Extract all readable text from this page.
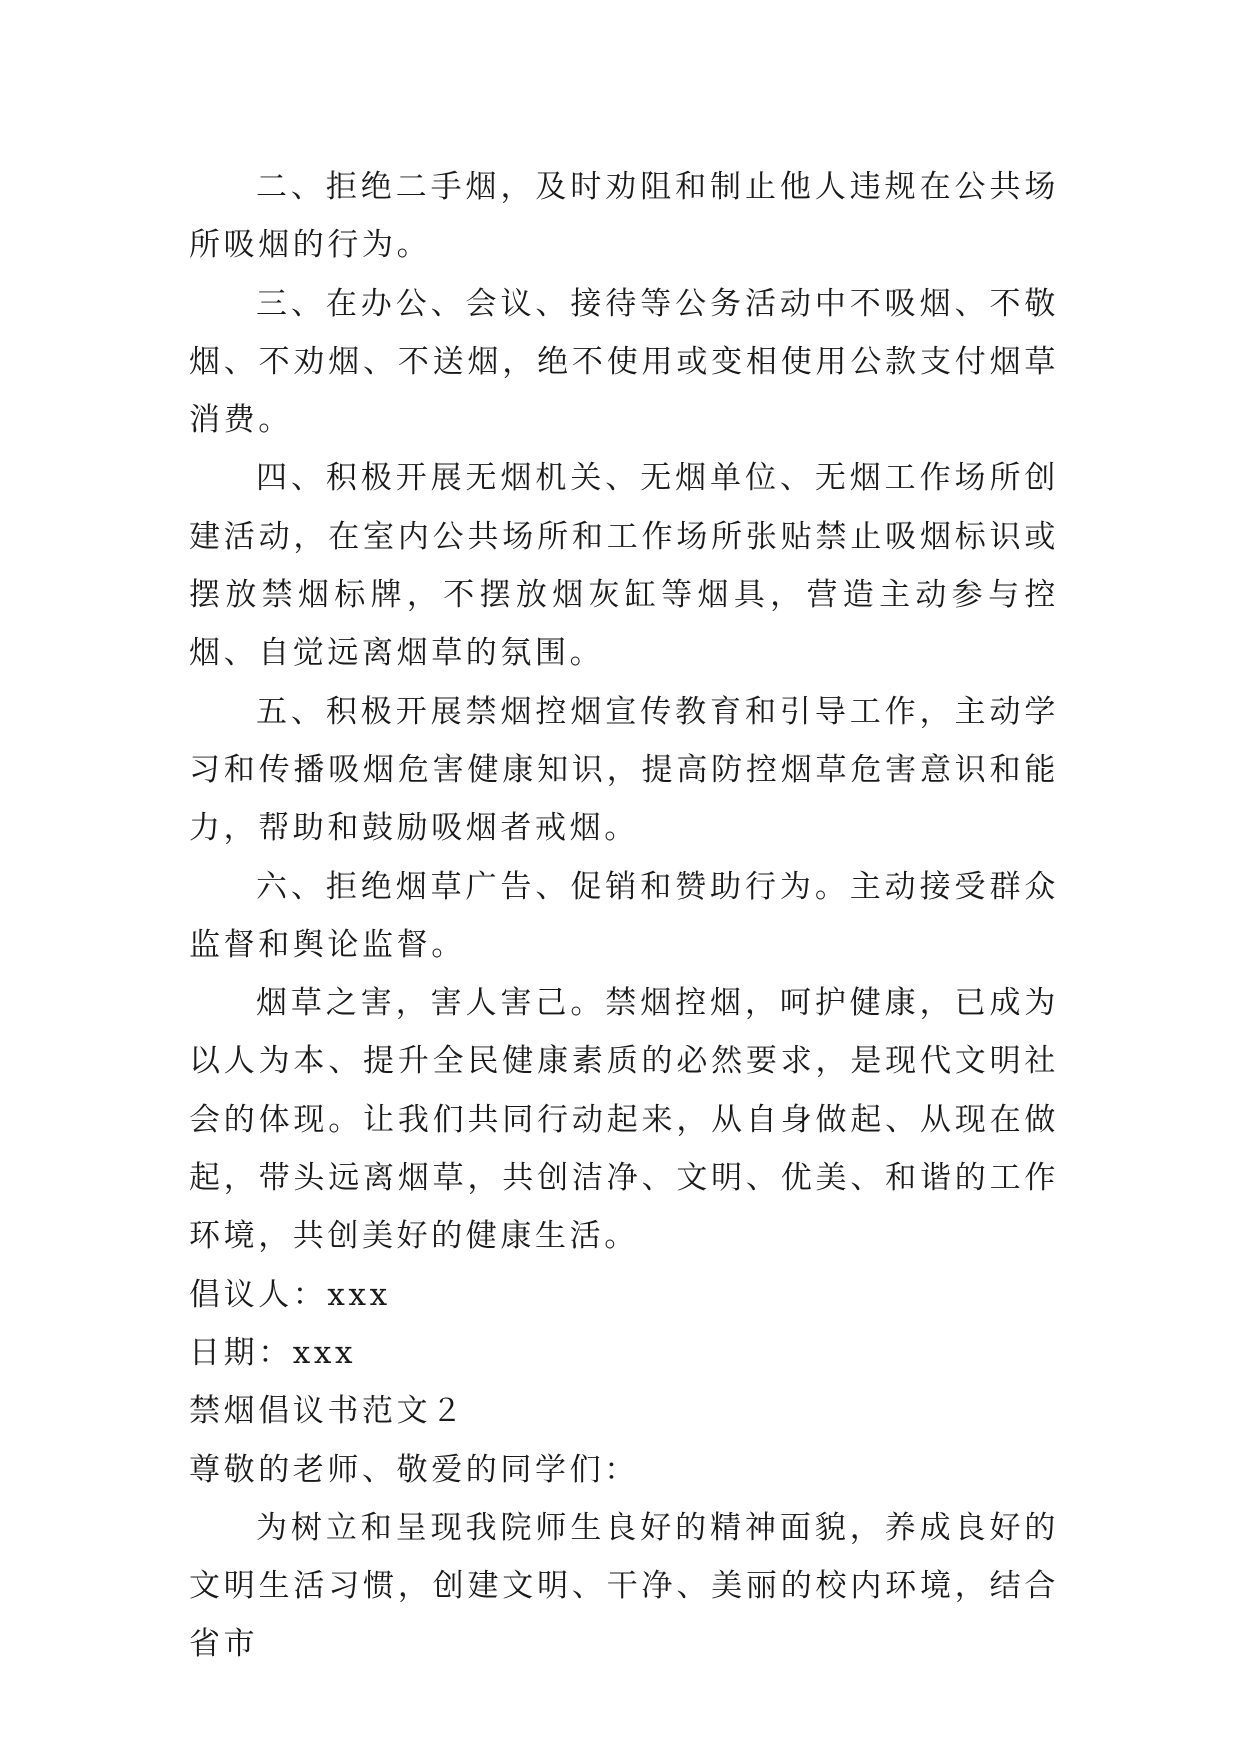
二、拒绝二手烟，及时劝阻和制止他人违规在公共场所吸烟的行为。

三、在办公、会议、接待等公务活动中不吸烟、不敬烟、不劝烟、不送烟，绝不使用或变相使用公款支付烟草消费。

四、积极开展无烟机关、无烟单位、无烟工作场所创建活动，在室内公共场所和工作场所张贴禁止吸烟标识或摆放禁烟标牌，不摆放烟灰缸等烟具，营造主动参与控烟、自觉远离烟草的氛围。

五、积极开展禁烟控烟宣传教育和引导工作，主动学习和传播吸烟危害健康知识，提高防控烟草危害意识和能力，帮助和鼓励吸烟者戒烟。

六、拒绝烟草广告、促销和赞助行为。主动接受群众监督和舆论监督。

烟草之害，害人害己。禁烟控烟，呵护健康，已成为以人为本、提升全民健康素质的必然要求，是现代文明社会的体现。让我们共同行动起来，从自身做起、从现在做起，带头远离烟草，共创洁净、文明、优美、和谐的工作环境，共创美好的健康生活。

倡议人：xxx

日期：xxx

禁烟倡议书范文２

尊敬的老师、敬爱的同学们：

为树立和呈现我院师生良好的精神面貌，养成良好的文明生活习惯，创建文明、干净、美丽的校内环境，结合省市
